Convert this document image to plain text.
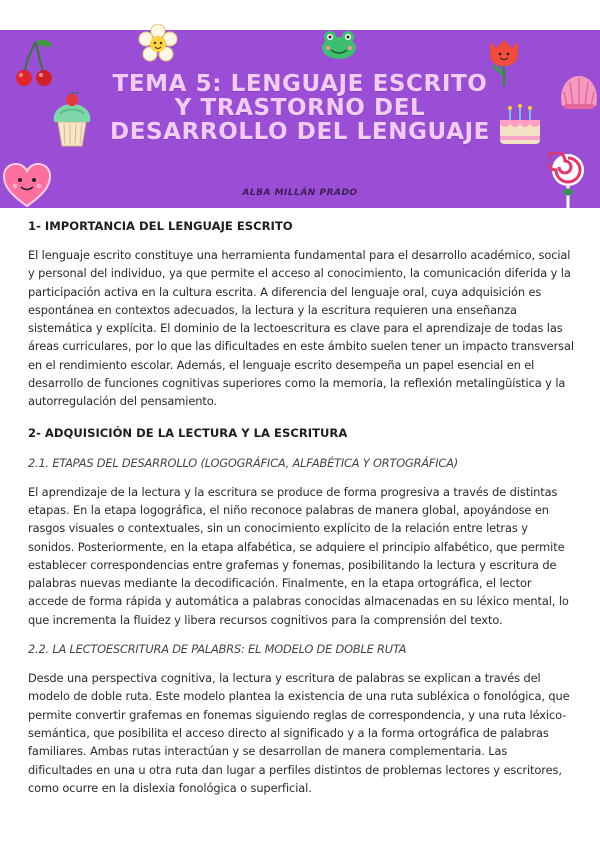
TEMA 5: LENGUAJE ESCRITO Y TRASTORNO DEL DESARROLLO DEL LENGUAJE
ALBA MILLÁN PRADO
1- IMPORTANCIA DEL LENGUAJE ESCRITO

El lenguaje escrito constituye una herramienta fundamental para el desarrollo académico, social y personal del individuo, ya que permite el acceso al conocimiento, la comunicación diferida y la participación activa en la cultura escrita. A diferencia del lenguaje oral, cuya adquisición es espontánea en contextos adecuados, la lectura y la escritura requieren una enseñanza sistemática y explícita. El dominio de la lectoescritura es clave para el aprendizaje de todas las áreas curriculares, por lo que las dificultades en este ámbito suelen tener un impacto transversal en el rendimiento escolar. Además, el lenguaje escrito desempeña un papel esencial en el desarrollo de funciones cognitivas superiores como la memoria, la reflexión metalingüística y la autorregulación del pensamiento.

2- ADQUISICIÓN DE LA LECTURA Y LA ESCRITURA
2.1. ETAPAS DEL DESARROLLO (LOGOGRÁFICA, ALFABÉTICA Y ORTOGRÁFICA)

El aprendizaje de la lectura y la escritura se produce de forma progresiva a través de distintas etapas. En la etapa logográfica, el niño reconoce palabras de manera global, apoyándose en rasgos visuales o contextuales, sin un conocimiento explícito de la relación entre letras y sonidos. Posteriormente, en la etapa alfabética, se adquiere el principio alfabético, que permite establecer correspondencias entre grafemas y fonemas, posibilitando la lectura y escritura de palabras nuevas mediante la decodificación. Finalmente, en la etapa ortográfica, el lector accede de forma rápida y automática a palabras conocidas almacenadas en su léxico mental, lo que incrementa la fluidez y libera recursos cognitivos para la comprensión del texto.

2.2. LA LECTOESCRITURA DE PALABRS: EL MODELO DE DOBLE RUTA

Desde una perspectiva cognitiva, la lectura y escritura de palabras se explican a través del modelo de doble ruta. Este modelo plantea la existencia de una ruta subléxica o fonológica, que permite convertir grafemas en fonemas siguiendo reglas de correspondencia, y una ruta léxico-semántica, que posibilita el acceso directo al significado y a la forma ortográfica de palabras familiares. Ambas rutas interactúan y se desarrollan de manera complementaria. Las dificultades en una u otra ruta dan lugar a perfiles distintos de problemas lectores y escritores, como ocurre en la dislexia fonológica o superficial.
